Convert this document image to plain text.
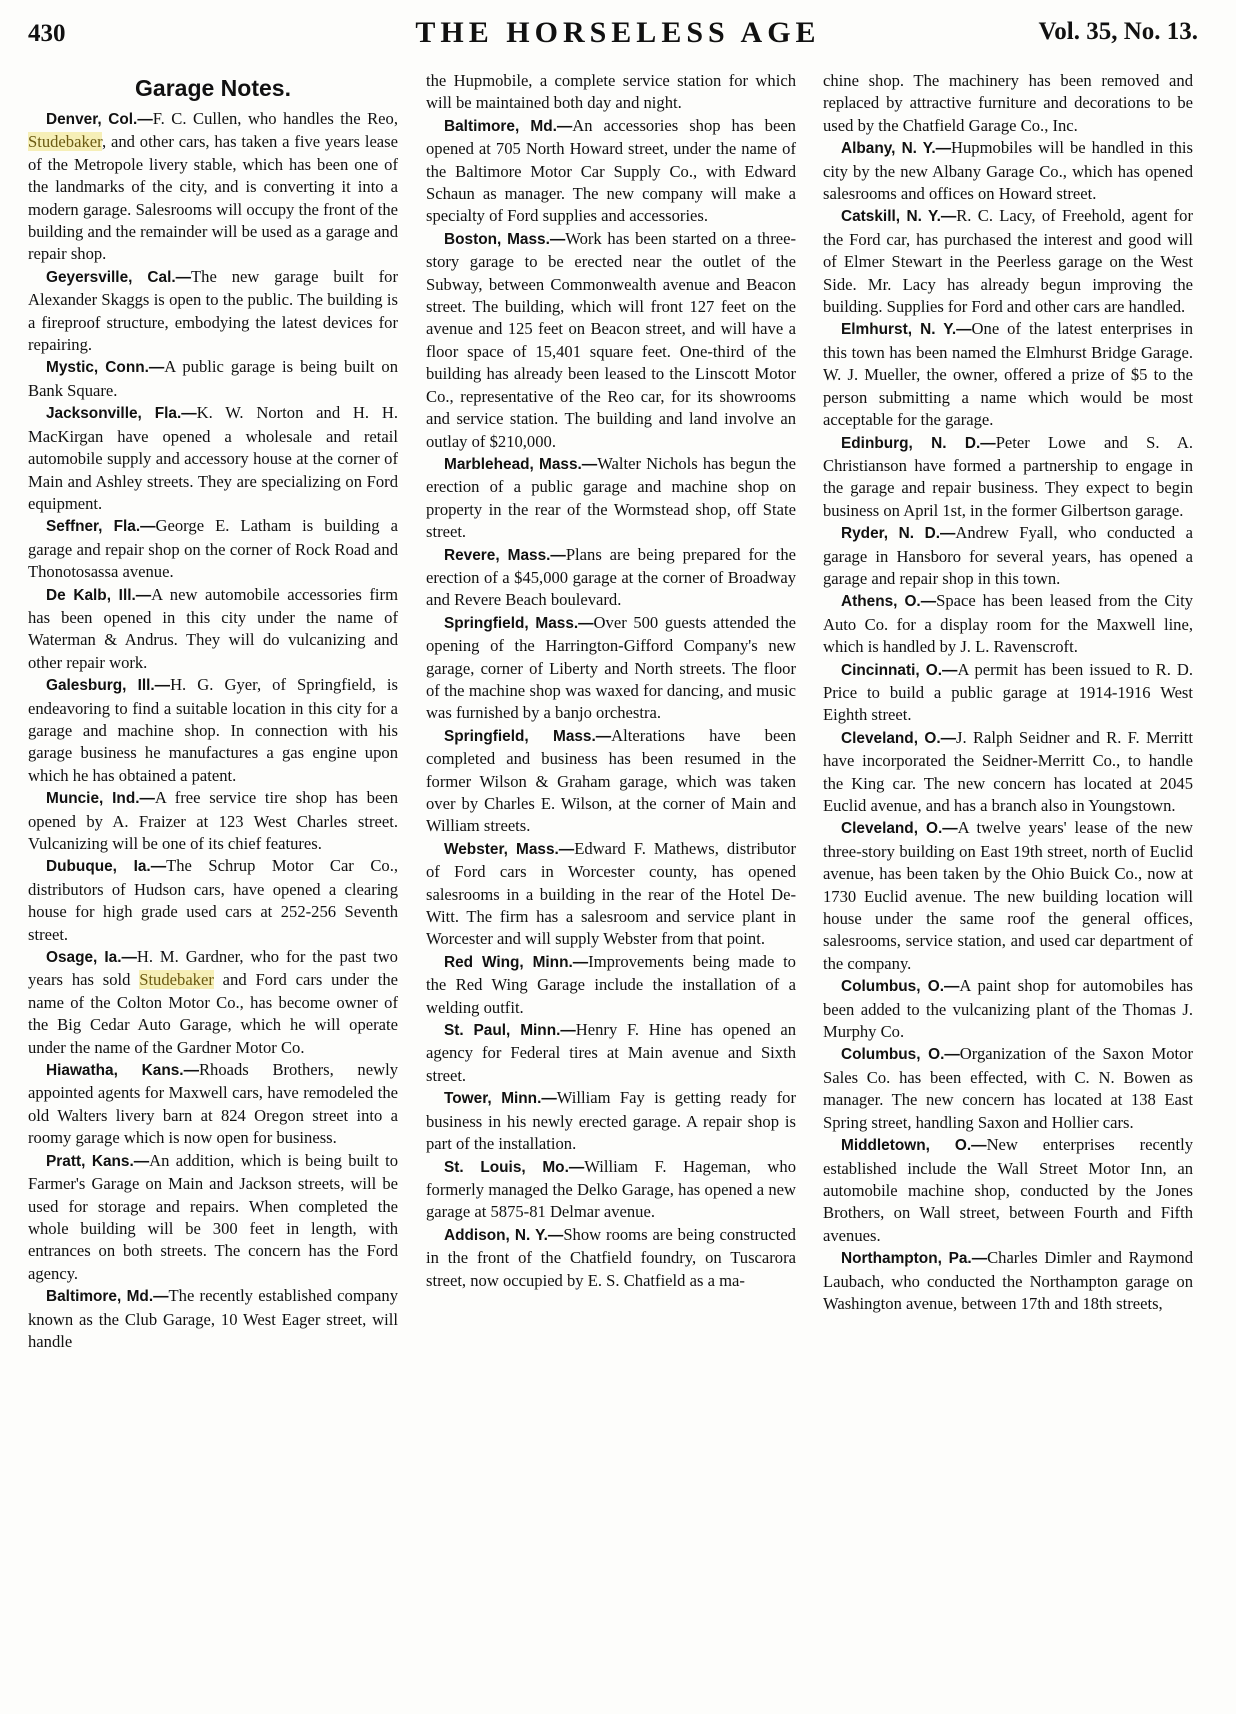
430	THE HORSELESS AGE	Vol. 35, No. 13.
Garage Notes.

Denver, Col.—F. C. Cullen, who handles the Reo, Studebaker, and other cars, has taken a five years lease of the Metropole livery stable, which has been one of the landmarks of the city, and is converting it into a modern garage. Salesrooms will occupy the front of the building and the remainder will be used as a garage and repair shop.

Geyersville, Cal.—The new garage built for Alexander Skaggs is open to the public. The building is a fireproof structure, embodying the latest devices for repairing.

Mystic, Conn.—A public garage is being built on Bank Square.

Jacksonville, Fla.—K. W. Norton and H. H. MacKirgan have opened a wholesale and retail automobile supply and accessory house at the corner of Main and Ashley streets. They are specializing on Ford equipment.

Seffner, Fla.—George E. Latham is building a garage and repair shop on the corner of Rock Road and Thonotosassa avenue.

De Kalb, Ill.—A new automobile accessories firm has been opened in this city under the name of Waterman & Andrus. They will do vulcanizing and other repair work.

Galesburg, Ill.—H. G. Gyer, of Springfield, is endeavoring to find a suitable location in this city for a garage and machine shop. In connection with his garage business he manufactures a gas engine upon which he has obtained a patent.

Muncie, Ind.—A free service tire shop has been opened by A. Fraizer at 123 West Charles street. Vulcanizing will be one of its chief features.

Dubuque, Ia.—The Schrup Motor Car Co., distributors of Hudson cars, have opened a clearing house for high grade used cars at 252-256 Seventh street.

Osage, Ia.—H. M. Gardner, who for the past two years has sold Studebaker and Ford cars under the name of the Colton Motor Co., has become owner of the Big Cedar Auto Garage, which he will operate under the name of the Gardner Motor Co.

Hiawatha, Kans.—Rhoads Brothers, newly appointed agents for Maxwell cars, have remodeled the old Walters livery barn at 824 Oregon street into a roomy garage which is now open for business.

Pratt, Kans.—An addition, which is being built to Farmer's Garage on Main and Jackson streets, will be used for storage and repairs. When completed the whole building will be 300 feet in length, with entrances on both streets. The concern has the Ford agency.

Baltimore, Md.—The recently established company known as the Club Garage, 10 West Eager street, will handle

the Hupmobile, a complete service station for which will be maintained both day and night.

Baltimore, Md.—An accessories shop has been opened at 705 North Howard street, under the name of the Baltimore Motor Car Supply Co., with Edward Schaun as manager. The new company will make a specialty of Ford supplies and accessories.

Boston, Mass.—Work has been started on a three-story garage to be erected near the outlet of the Subway, between Commonwealth avenue and Beacon street. The building, which will front 127 feet on the avenue and 125 feet on Beacon street, and will have a floor space of 15,401 square feet. One-third of the building has already been leased to the Linscott Motor Co., representative of the Reo car, for its showrooms and service station. The building and land involve an outlay of $210,000.

Marblehead, Mass.—Walter Nichols has begun the erection of a public garage and machine shop on property in the rear of the Wormstead shop, off State street.

Revere, Mass.—Plans are being prepared for the erection of a $45,000 garage at the corner of Broadway and Revere Beach boulevard.

Springfield, Mass.—Over 500 guests attended the opening of the Harrington-Gifford Company's new garage, corner of Liberty and North streets. The floor of the machine shop was waxed for dancing, and music was furnished by a banjo orchestra.

Springfield, Mass.—Alterations have been completed and business has been resumed in the former Wilson & Graham garage, which was taken over by Charles E. Wilson, at the corner of Main and William streets.

Webster, Mass.—Edward F. Mathews, distributor of Ford cars in Worcester county, has opened salesrooms in a building in the rear of the Hotel De-Witt. The firm has a salesroom and service plant in Worcester and will supply Webster from that point.

Red Wing, Minn.—Improvements being made to the Red Wing Garage include the installation of a welding outfit.

St. Paul, Minn.—Henry F. Hine has opened an agency for Federal tires at Main avenue and Sixth street.

Tower, Minn.—William Fay is getting ready for business in his newly erected garage. A repair shop is part of the installation.

St. Louis, Mo.—William F. Hageman, who formerly managed the Delko Garage, has opened a new garage at 5875-81 Delmar avenue.

Addison, N. Y.—Show rooms are being constructed in the front of the Chatfield foundry, on Tuscarora street, now occupied by E. S. Chatfield as a ma-

chine shop. The machinery has been removed and replaced by attractive furniture and decorations to be used by the Chatfield Garage Co., Inc.

Albany, N. Y.—Hupmobiles will be handled in this city by the new Albany Garage Co., which has opened salesrooms and offices on Howard street.

Catskill, N. Y.—R. C. Lacy, of Freehold, agent for the Ford car, has purchased the interest and good will of Elmer Stewart in the Peerless garage on the West Side. Mr. Lacy has already begun improving the building. Supplies for Ford and other cars are handled.

Elmhurst, N. Y.—One of the latest enterprises in this town has been named the Elmhurst Bridge Garage. W. J. Mueller, the owner, offered a prize of $5 to the person submitting a name which would be most acceptable for the garage.

Edinburg, N. D.—Peter Lowe and S. A. Christianson have formed a partnership to engage in the garage and repair business. They expect to begin business on April 1st, in the former Gilbertson garage.

Ryder, N. D.—Andrew Fyall, who conducted a garage in Hansboro for several years, has opened a garage and repair shop in this town.

Athens, O.—Space has been leased from the City Auto Co. for a display room for the Maxwell line, which is handled by J. L. Ravenscroft.

Cincinnati, O.—A permit has been issued to R. D. Price to build a public garage at 1914-1916 West Eighth street.

Cleveland, O.—J. Ralph Seidner and R. F. Merritt have incorporated the Seidner-Merritt Co., to handle the King car. The new concern has located at 2045 Euclid avenue, and has a branch also in Youngstown.

Cleveland, O.—A twelve years' lease of the new three-story building on East 19th street, north of Euclid avenue, has been taken by the Ohio Buick Co., now at 1730 Euclid avenue. The new building location will house under the same roof the general offices, salesrooms, service station, and used car department of the company.

Columbus, O.—A paint shop for automobiles has been added to the vulcanizing plant of the Thomas J. Murphy Co.

Columbus, O.—Organization of the Saxon Motor Sales Co. has been effected, with C. N. Bowen as manager. The new concern has located at 138 East Spring street, handling Saxon and Hollier cars.

Middletown, O.—New enterprises recently established include the Wall Street Motor Inn, an automobile machine shop, conducted by the Jones Brothers, on Wall street, between Fourth and Fifth avenues.

Northampton, Pa.—Charles Dimler and Raymond Laubach, who conducted the Northampton garage on Washington avenue, between 17th and 18th streets,
